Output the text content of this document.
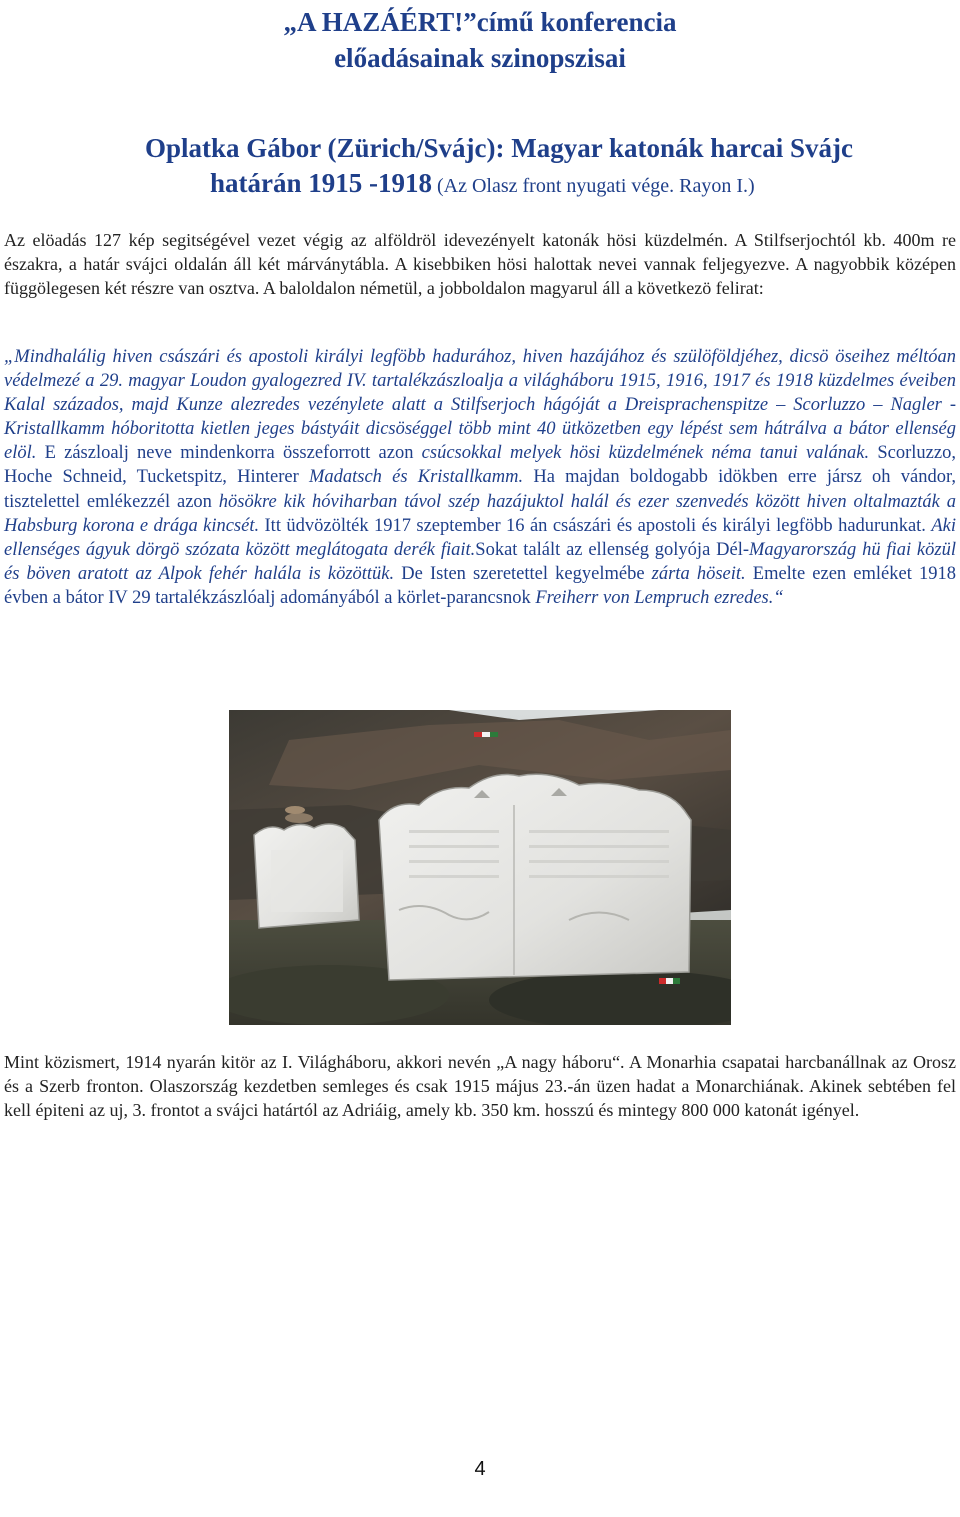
„A HAZÁÉRT!”című konferencia
előadásainak szinopszisai
Oplatka Gábor (Zürich/Svájc): Magyar katonák harcai Svájc
határán 1915 -1918 (Az Olasz front nyugati vége. Rayon I.)

Az elöadás 127 kép segitségével vezet végig az alföldröl idevezényelt katonák hösi küzdelmén. A Stilfserjochtól kb. 400m re északra, a határ svájci oldalán áll két márványtábla. A kisebbiken hösi halottak nevei vannak feljegyezve. A nagyobbik középen függölegesen két részre van osztva. A baloldalon németül, a jobboldalon magyarul áll a következö felirat:

„Mindhalálig hiven császári és apostoli királyi legföbb hadurához, hiven hazájához és szülöföldjéhez, dicsö öseihez méltóan védelmezé a 29. magyar Loudon gyalogezred IV. tartalékzászloalja a világháboru 1915, 1916, 1917 és 1918 küzdelmes éveiben Kalal százados, majd Kunze alezredes vezénylete alatt a Stilfserjoch hágóját a Dreisprachenspitze – Scorluzzo – Nagler - Kristallkamm hóboritotta kietlen jeges bástyáit dicsöséggel több mint 40 ütközetben egy lépést sem hátrálva a bátor ellenség elöl. E zászloalj neve mindenkorra összeforrott azon csúcsokkal melyek hösi küzdelmének néma tanui valának. Scorluzzo, Hoche Schneid, Tucketspitz, Hinterer Madatsch és Kristallkamm. Ha majdan boldogabb idökben erre jársz oh vándor, tisztelettel emlékezzél azon hösökre kik hóviharban távol szép hazájuktol halál és ezer szenvedés között hiven oltalmazták a Habsburg korona e drága kincsét. Itt üdvözölték 1917 szeptember 16 án császári és apostoli és királyi legföbb hadurunkat. Aki ellenséges ágyuk dörgö szózata között meglátogata derék fiait.Sokat talált az ellenség golyója Dél-Magyarország hü fiai közül és böven aratott az Alpok fehér halála is közöttük. De Isten szeretettel kegyelmébe zárta höseit. Emelte ezen emléket 1918 évben a bátor IV 29 tartalékzászlóalj adományából a körlet-parancsnok Freiherr von Lempruch ezredes.“

Mint közismert, 1914 nyarán kitör az I. Világháboru, akkori nevén „A nagy háboru“. A Monarhia csapatai harcbanállnak az Orosz és a Szerb fronton. Olaszország kezdetben semleges és csak 1915 május 23.-án üzen hadat a Monarchiának. Akinek sebtében fel kell épiteni az uj, 3. frontot a svájci határtól az Adriáig, amely kb. 350 km. hosszú és mintegy 800 000 katonát igényel.

4
